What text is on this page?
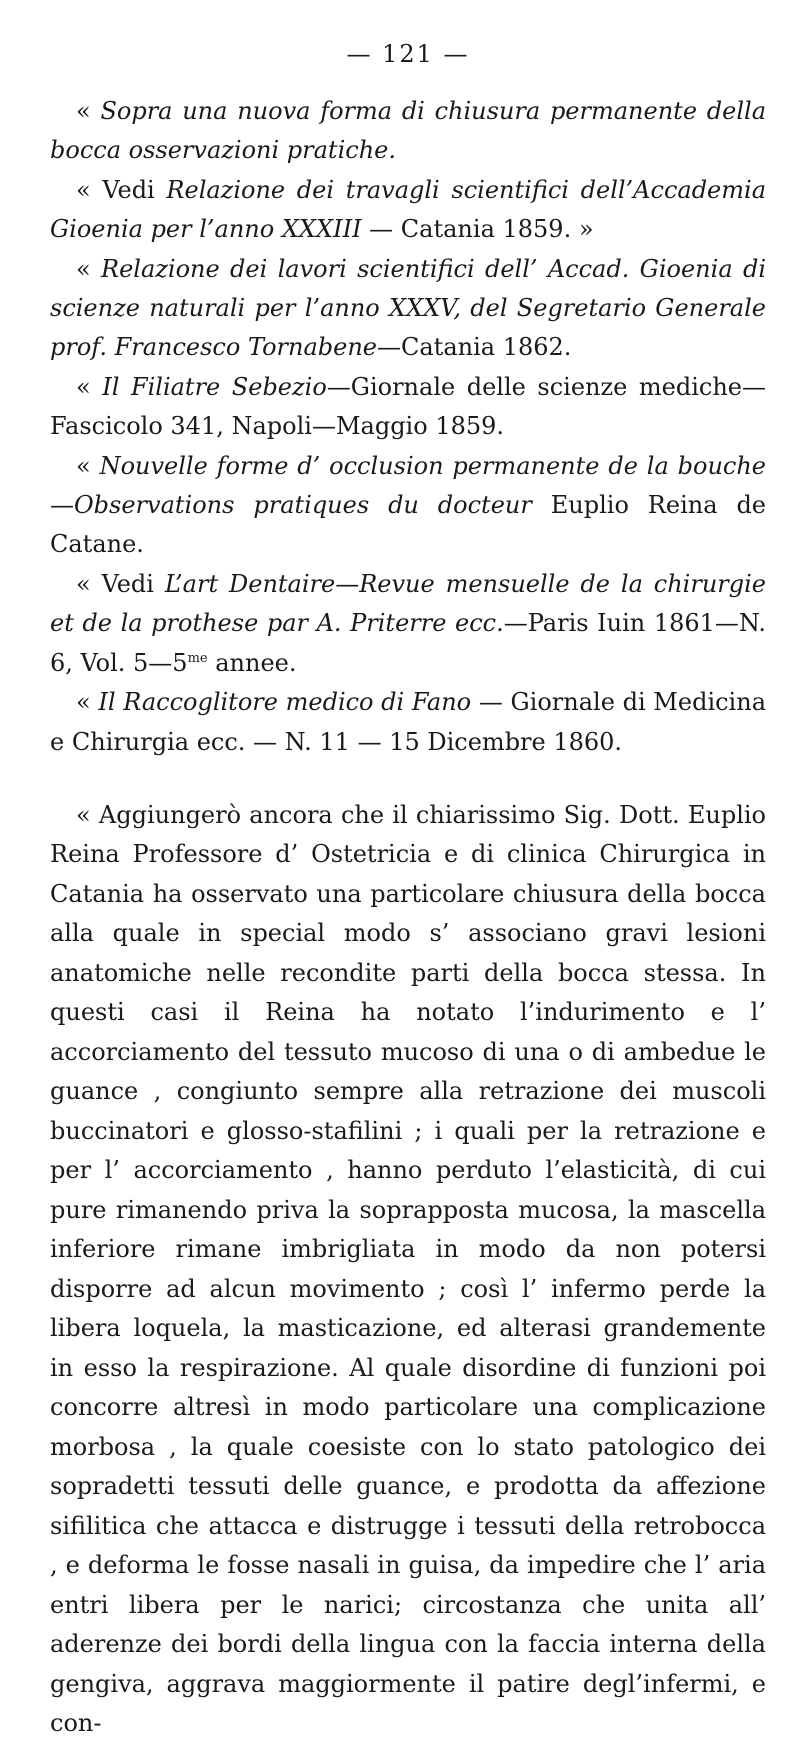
— 121 —

« Sopra una nuova forma di chiusura permanente della bocca osservazioni pratiche.

« Vedi Relazione dei travagli scientifici dell’Accademia Gioenia per l’anno XXXIII — Catania 1859. »

« Relazione dei lavori scientifici dell’ Accad. Gioenia di scienze naturali per l’anno XXXV, del Segretario Generale prof. Francesco Tornabene—Catania 1862.

« Il Filiatre Sebezio—Giornale delle scienze mediche—Fascicolo 341, Napoli—Maggio 1859.

« Nouvelle forme d’ occlusion permanente de la bouche—Observations pratiques du docteur Euplio Reina de Catane.

« Vedi L’art Dentaire—Revue mensuelle de la chirurgie et de la prothese par A. Priterre ecc.—Paris Iuin 1861—N. 6, Vol. $5—5^{me}$ annee.

« Il Raccoglitore medico di Fano — Giornale di Medicina e Chirurgia ecc. — N. 11 — 15 Dicembre 1860.

« Aggiungerò ancora che il chiarissimo Sig. Dott. Euplio Reina Professore d’ Ostetricia e di clinica Chirurgica in Catania ha osservato una particolare chiusura della bocca alla quale in special modo s’ associano gravi lesioni anatomiche nelle recondite parti della bocca stessa. In questi casi il Reina ha notato l’indurimento e l’ accorciamento del tessuto mucoso di una o di ambedue le guance , congiunto sempre alla retrazione dei muscoli buccinatori e glosso-stafilini ; i quali per la retrazione e per l’ accorciamento , hanno perduto l’elasticità, di cui pure rimanendo priva la soprapposta mucosa, la mascella inferiore rimane imbrigliata in modo da non potersi disporre ad alcun movimento ; così l’ infermo perde la libera loquela, la masticazione, ed alterasi grandemente in esso la respirazione. Al quale disordine di funzioni poi concorre altresì in modo particolare una complicazione morbosa , la quale coesiste con lo stato patologico dei sopradetti tessuti delle guance, e prodotta da affezione sifilitica che attacca e distrugge i tessuti della retrobocca , e deforma le fosse nasali in guisa, da impedire che l’ aria entri libera per le narici; circostanza che unita all’ aderenze dei bordi della lingua con la faccia interna della gengiva, aggrava maggiormente il patire degl’infermi, e con-
